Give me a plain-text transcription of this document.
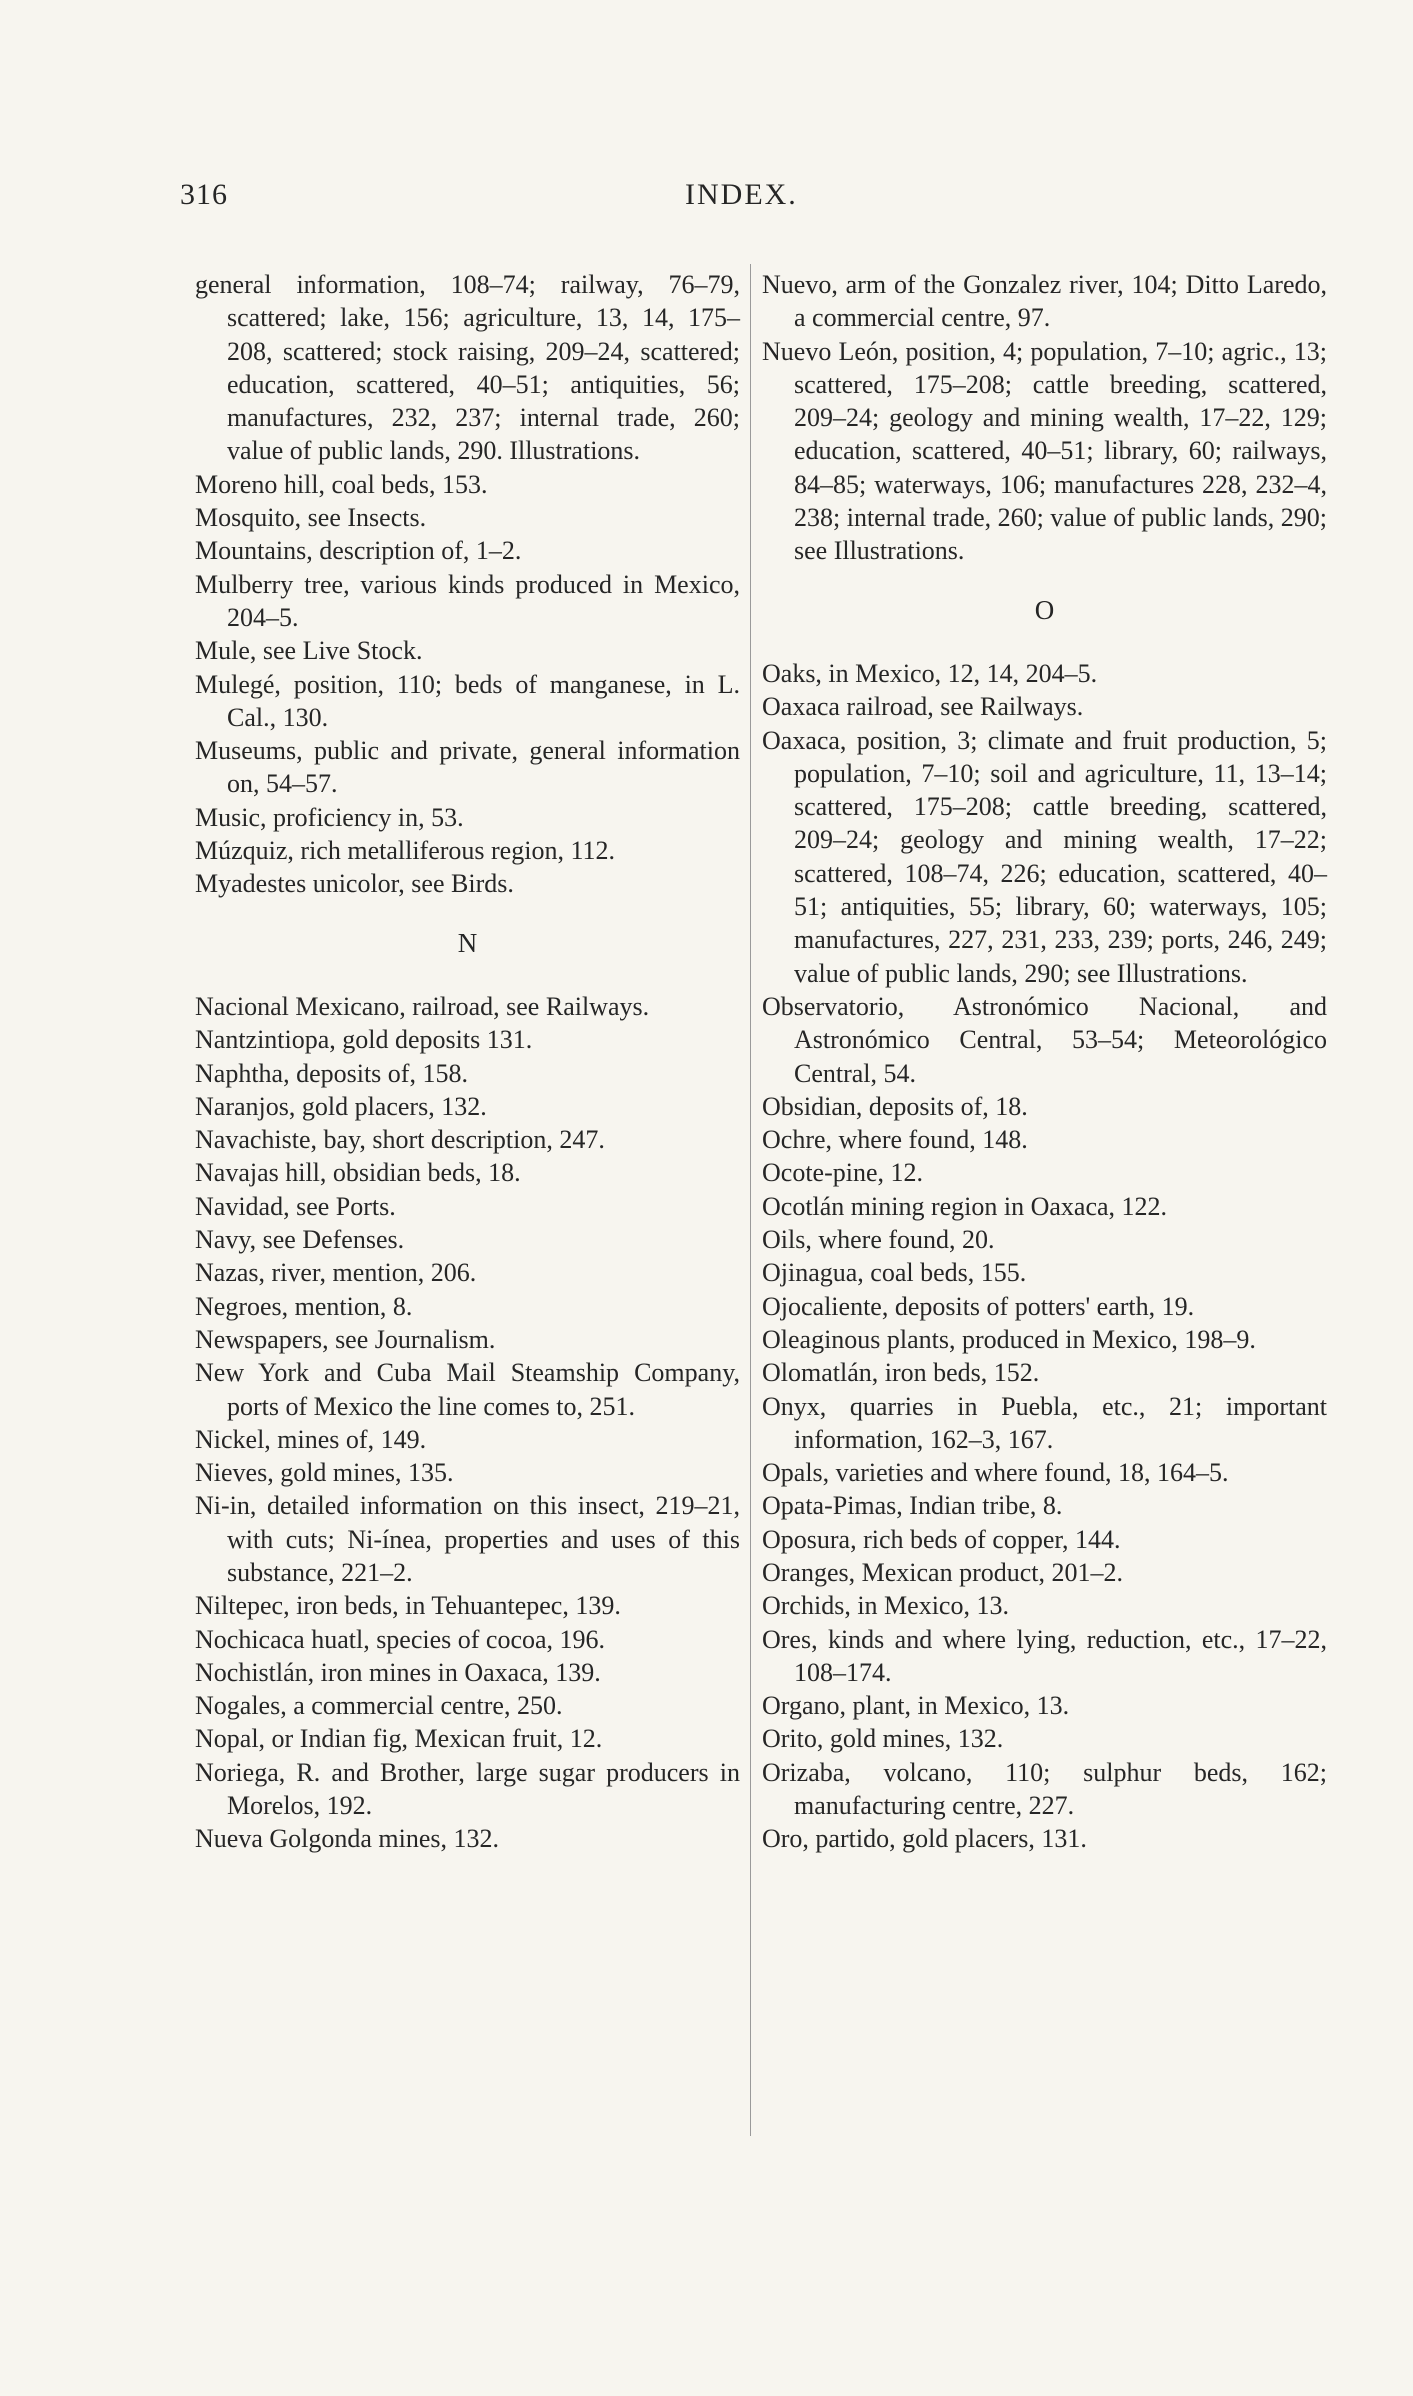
316	INDEX.

general information, 108–74; railway, 76–79, scattered; lake, 156; agriculture, 13, 14, 175–208, scattered; stock raising, 209–24, scattered; education, scattered, 40–51; antiquities, 56; manufactures, 232, 237; internal trade, 260; value of public lands, 290. Illustrations.

Moreno hill, coal beds, 153.

Mosquito, see Insects.

Mountains, description of, 1–2.

Mulberry tree, various kinds produced in Mexico, 204–5.

Mule, see Live Stock.

Mulegé, position, 110; beds of manganese, in L. Cal., 130.

Museums, public and private, general information on, 54–57.

Music, proficiency in, 53.

Múzquiz, rich metalliferous region, 112.

Myadestes unicolor, see Birds.

N

Nacional Mexicano, railroad, see Railways.

Nantzintiopa, gold deposits 131.

Naphtha, deposits of, 158.

Naranjos, gold placers, 132.

Navachiste, bay, short description, 247.

Navajas hill, obsidian beds, 18.

Navidad, see Ports.

Navy, see Defenses.

Nazas, river, mention, 206.

Negroes, mention, 8.

Newspapers, see Journalism.

New York and Cuba Mail Steamship Company, ports of Mexico the line comes to, 251.

Nickel, mines of, 149.

Nieves, gold mines, 135.

Ni-in, detailed information on this insect, 219–21, with cuts; Ni-ínea, properties and uses of this substance, 221–2.

Niltepec, iron beds, in Tehuantepec, 139.

Nochicaca huatl, species of cocoa, 196.

Nochistlán, iron mines in Oaxaca, 139.

Nogales, a commercial centre, 250.

Nopal, or Indian fig, Mexican fruit, 12.

Noriega, R. and Brother, large sugar producers in Morelos, 192.

Nueva Golgonda mines, 132.

Nuevo, arm of the Gonzalez river, 104; Ditto Laredo, a commercial centre, 97.

Nuevo León, position, 4; population, 7–10; agric., 13; scattered, 175–208; cattle breeding, scattered, 209–24; geology and mining wealth, 17–22, 129; education, scattered, 40–51; library, 60; railways, 84–85; waterways, 106; manufactures 228, 232–4, 238; internal trade, 260; value of public lands, 290; see Illustrations.

O

Oaks, in Mexico, 12, 14, 204–5.

Oaxaca railroad, see Railways.

Oaxaca, position, 3; climate and fruit production, 5; population, 7–10; soil and agriculture, 11, 13–14; scattered, 175–208; cattle breeding, scattered, 209–24; geology and mining wealth, 17–22; scattered, 108–74, 226; education, scattered, 40–51; antiquities, 55; library, 60; waterways, 105; manufactures, 227, 231, 233, 239; ports, 246, 249; value of public lands, 290; see Illustrations.

Observatorio, Astronómico Nacional, and Astronómico Central, 53–54; Meteorológico Central, 54.

Obsidian, deposits of, 18.

Ochre, where found, 148.

Ocote-pine, 12.

Ocotlán mining region in Oaxaca, 122.

Oils, where found, 20.

Ojinagua, coal beds, 155.

Ojocaliente, deposits of potters' earth, 19.

Oleaginous plants, produced in Mexico, 198–9.

Olomatlán, iron beds, 152.

Onyx, quarries in Puebla, etc., 21; important information, 162–3, 167.

Opals, varieties and where found, 18, 164–5.

Opata-Pimas, Indian tribe, 8.

Oposura, rich beds of copper, 144.

Oranges, Mexican product, 201–2.

Orchids, in Mexico, 13.

Ores, kinds and where lying, reduction, etc., 17–22, 108–174.

Organo, plant, in Mexico, 13.

Orito, gold mines, 132.

Orizaba, volcano, 110; sulphur beds, 162; manufacturing centre, 227.

Oro, partido, gold placers, 131.
